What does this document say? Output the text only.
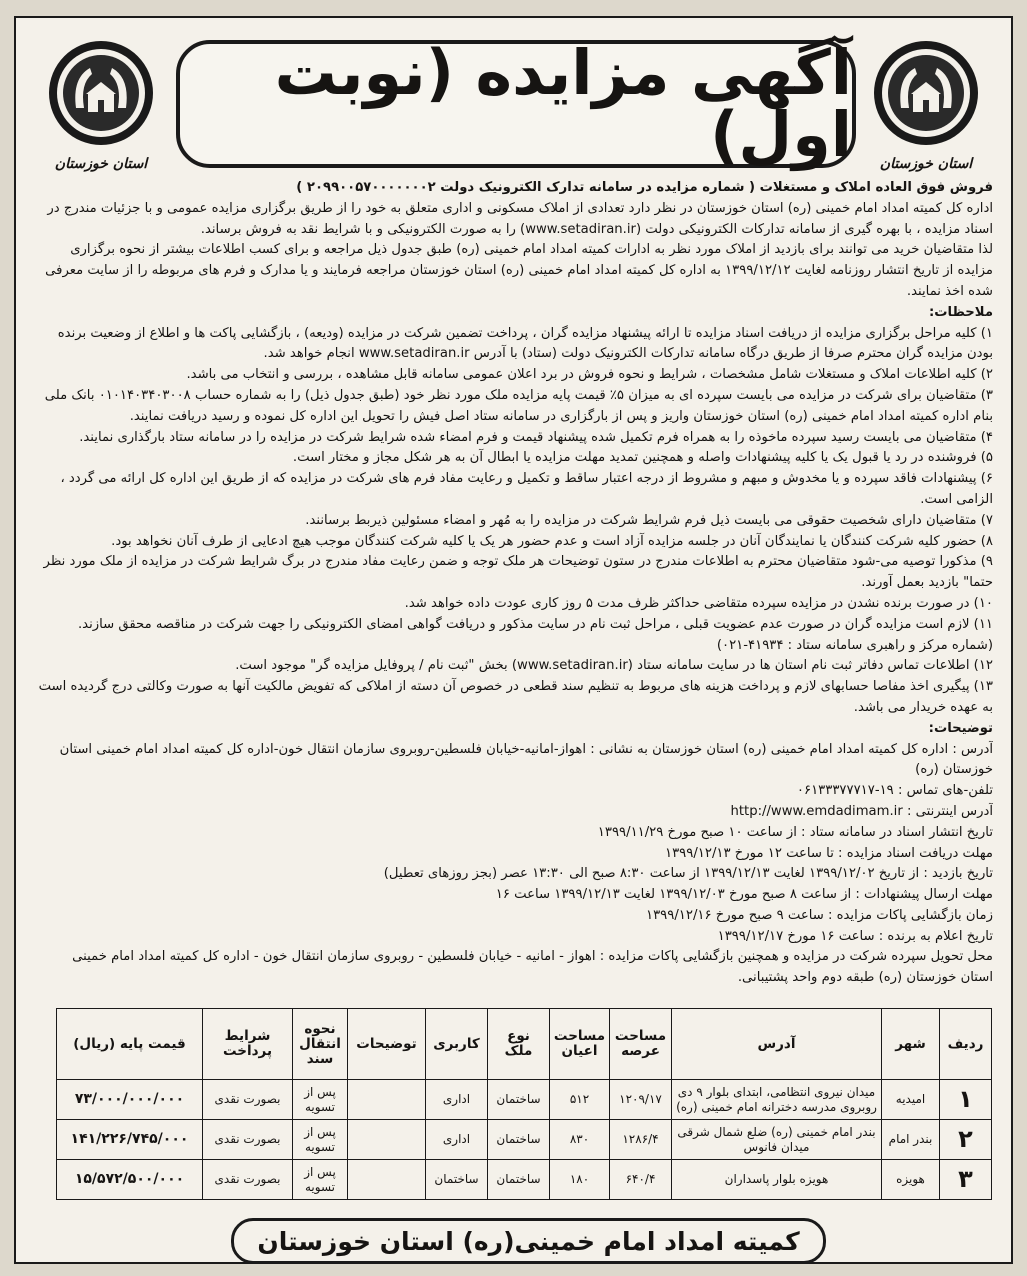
استان خوزستان
استان خوزستان
آگهی مزایده (نوبت اول)

فروش فوق العاده املاک و مستغلات ( شماره مزایده در سامانه تدارک الکترونیک دولت ۲۰۹۹۰۰۵۷۰۰۰۰۰۰۰۲ )

اداره کل کمیته امداد امام خمینی (ره) استان خوزستان در نظر دارد تعدادی از املاک مسکونی و اداری متعلق به خود را از طریق برگزاری مزایده عمومی و با جزئیات مندرج در اسناد مزایده ، با بهره گیری از سامانه تدارکات الکترونیکی دولت (www.setadiran.ir) را به صورت الکترونیکی و با شرایط نقد به فروش برساند.

لذا متقاضیان خرید می توانند برای بازدید از املاک مورد نظر به ادارات کمیته امداد امام خمینی (ره) طبق جدول ذیل مراجعه و برای کسب اطلاعات بیشتر از نحوه برگزاری مزایده از تاریخ انتشار روزنامه لغایت ۱۳۹۹/۱۲/۱۲ به اداره کل کمیته امداد امام خمینی (ره) استان خوزستان مراجعه فرمایند و یا مدارک و فرم های مربوطه را از سایت معرفی شده اخذ نمایند.

ملاحظات:

۱) کلیه مراحل برگزاری مزایده از دریافت اسناد مزایده تا ارائه پیشنهاد مزایده گران ، پرداخت تضمین شرکت در مزایده (ودیعه) ، بازگشایی پاکت ها و اطلاع از وضعیت برنده بودن مزایده گران محترم صرفا از طریق درگاه سامانه تدارکات الکترونیک دولت (ستاد) با آدرس www.setadiran.ir انجام خواهد شد.

۲) کلیه اطلاعات املاک و مستغلات شامل مشخصات ، شرایط و نحوه فروش در برد اعلان عمومی سامانه قابل مشاهده ، بررسی و انتخاب می باشد.

۳) متقاضیان برای شرکت در مزایده می بایست سپرده ای به میزان ۵٪ قیمت پایه مزایده ملک مورد نظر خود (طبق جدول ذیل) را به شماره حساب ۰۱۰۱۴۰۳۴۰۳۰۰۸ بانک ملی بنام اداره کمیته امداد امام خمینی (ره) استان خوزستان واریز و پس از بارگزاری در سامانه ستاد اصل فیش را تحویل این اداره کل نموده و رسید دریافت نمایند.

۴) متقاضیان می بایست رسید سپرده ماخوذه را به همراه فرم تکمیل شده پیشنهاد قیمت و فرم امضاء شده شرایط شرکت در مزایده را در سامانه ستاد بارگذاری نمایند.

۵) فروشنده در رد یا قبول یک یا کلیه پیشنهادات واصله و همچنین تمدید مهلت مزایده یا ابطال آن به هر شکل مجاز و مختار است.

۶) پیشنهادات فاقد سپرده و یا مخدوش و مبهم و مشروط از درجه اعتبار ساقط و تکمیل و رعایت مفاد فرم های شرکت در مزایده که از طریق این اداره کل ارائه می گردد ، الزامی است.

۷) متقاضیان دارای شخصیت حقوقی می بایست ذیل فرم شرایط شرکت در مزایده را به مُهر و امضاء مسئولین ذیربط برسانند.

۸) حضور کلیه شرکت کنندگان یا نمایندگان آنان در جلسه مزایده آزاد است و عدم حضور هر یک یا کلیه شرکت کنندگان موجب هیچ ادعایی از طرف آنان نخواهد بود.

۹) مذکورا توصیه می-شود متقاضیان محترم به اطلاعات مندرج در ستون توضیحات هر ملک توجه و ضمن رعایت مفاد مندرج در برگ شرایط شرکت در مزایده از ملک مورد نظر حتما" بازدید بعمل آورند.

۱۰) در صورت برنده نشدن در مزایده سپرده متقاضی حداکثر ظرف مدت ۵ روز کاری عودت داده خواهد شد.

۱۱) لازم است مزایده گران در صورت عدم عضویت قبلی ، مراحل ثبت نام در سایت مذکور و دریافت گواهی امضای الکترونیکی را جهت شرکت در مناقصه محقق سازند. (شماره مرکز و راهبری سامانه ستاد : ۴۱۹۳۴-۰۲۱)

۱۲) اطلاعات تماس دفاتر ثبت نام استان ها در سایت سامانه ستاد (www.setadiran.ir) بخش "ثبت نام / پروفایل مزایده گر" موجود است.

۱۳) پیگیری اخذ مفاصا حسابهای لازم و پرداخت هزینه های مربوط به تنظیم سند قطعی در خصوص آن دسته از املاکی که تفویض مالکیت آنها به صورت وکالتی درج گردیده است به عهده خریدار می باشد.

توضیحات:

آدرس : اداره کل کمیته امداد امام خمینی (ره) استان خوزستان به نشانی : اهواز-امانیه-خیابان فلسطین-روبروی سازمان انتقال خون-اداره کل کمیته امداد امام خمینی استان خوزستان (ره)

تلفن-های تماس : ۱۹-۰۶۱۳۳۳۷۷۷۱۷

آدرس اینترنتی : http://www.emdadimam.ir

تاریخ انتشار اسناد در سامانه ستاد : از ساعت ۱۰ صبح مورخ ۱۳۹۹/۱۱/۲۹

مهلت دریافت اسناد مزایده : تا ساعت ۱۲ مورخ ۱۳۹۹/۱۲/۱۳

تاریخ بازدید : از تاریخ ۱۳۹۹/۱۲/۰۲ لغایت ۱۳۹۹/۱۲/۱۳ از ساعت ۸:۳۰ صبح الی ۱۳:۳۰ عصر (بجز روزهای تعطیل)

مهلت ارسال پیشنهادات : از ساعت ۸ صبح مورخ ۱۳۹۹/۱۲/۰۳ لغایت ۱۳۹۹/۱۲/۱۳ ساعت ۱۶

زمان بازگشایی پاکات مزایده : ساعت ۹ صبح مورخ ۱۳۹۹/۱۲/۱۶

تاریخ اعلام به برنده : ساعت ۱۶ مورخ ۱۳۹۹/۱۲/۱۷

محل تحویل سپرده شرکت در مزایده و همچنین بازگشایی پاکات مزایده : اهواز - امانیه - خیابان فلسطین - روبروی سازمان انتقال خون - اداره کل کمیته امداد امام خمینی استان خوزستان (ره) طبقه دوم واحد پشتیبانی.

ردیف	شهر	آدرس	مساحت عرصه	مساحت اعیان	نوع ملک	کاربری	توضیحات	نحوه انتقال سند	شرایط پرداخت	قیمت پایه (ریال)
۱	امیدیه	میدان نیروی انتظامی، ابتدای بلوار ۹ دی روبروی مدرسه دخترانه امام خمینی (ره)	۱۲۰۹/۱۷	۵۱۲	ساختمان	اداری		پس از تسویه	بصورت نقدی	۷۳/۰۰۰/۰۰۰/۰۰۰
۲	بندر امام	بندر امام خمینی (ره) ضلع شمال شرقی میدان فانوس	۱۲۸۶/۴	۸۳۰	ساختمان	اداری		پس از تسویه	بصورت نقدی	۱۴۱/۲۲۶/۷۴۵/۰۰۰
۳	هویزه	هویزه بلوار پاسداران	۶۴۰/۴	۱۸۰	ساختمان	ساختمان		پس از تسویه	بصورت نقدی	۱۵/۵۷۲/۵۰۰/۰۰۰
کمیته امداد امام خمینی(ره) استان خوزستان
